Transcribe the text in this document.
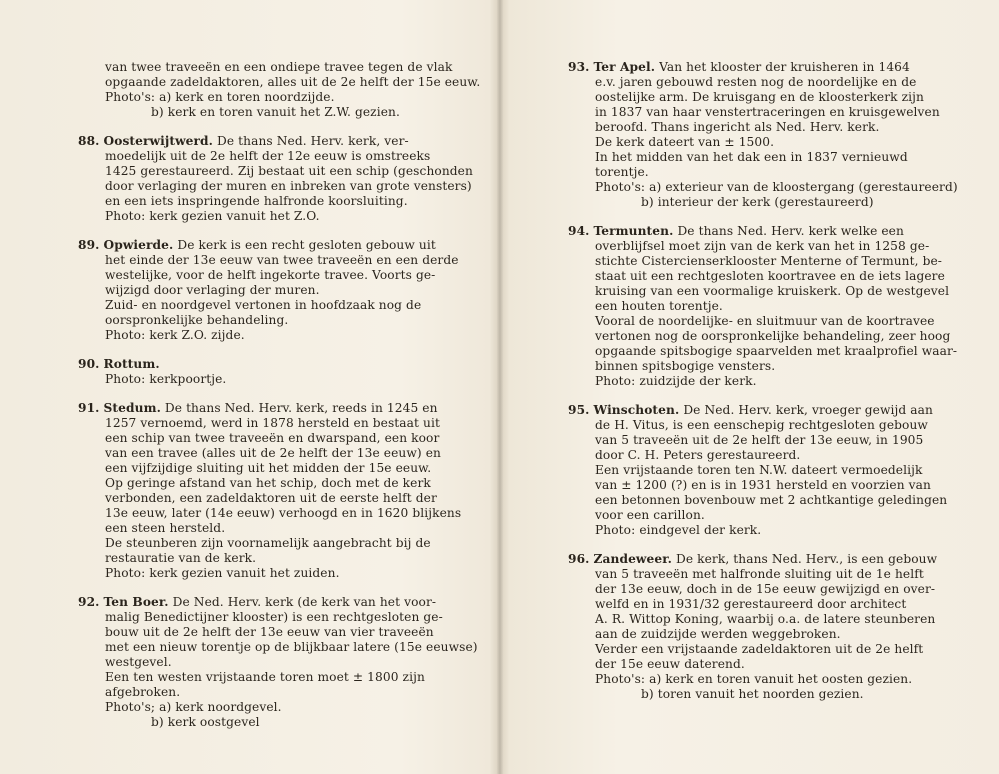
van twee traveeën en een ondiepe travee tegen de vlak
opgaande zadeldaktoren, alles uit de 2e helft der 15e eeuw.
Photo's: a) kerk en toren noordzijde.
b) kerk en toren vanuit het Z.W. gezien.
88. Oosterwijtwerd. De thans Ned. Herv. kerk, ver-
moedelijk uit de 2e helft der 12e eeuw is omstreeks
1425 gerestaureerd. Zij bestaat uit een schip (geschonden
door verlaging der muren en inbreken van grote vensters)
en een iets inspringende halfronde koorsluiting.
Photo: kerk gezien vanuit het Z.O.
89. Opwierde. De kerk is een recht gesloten gebouw uit
het einde der 13e eeuw van twee traveeën en een derde
westelijke, voor de helft ingekorte travee. Voorts ge-
wijzigd door verlaging der muren.
Zuid- en noordgevel vertonen in hoofdzaak nog de
oorspronkelijke behandeling.
Photo: kerk Z.O. zijde.
90. Rottum.
Photo: kerkpoortje.
91. Stedum. De thans Ned. Herv. kerk, reeds in 1245 en
1257 vernoemd, werd in 1878 hersteld en bestaat uit
een schip van twee traveeën en dwarspand, een koor
van een travee (alles uit de 2e helft der 13e eeuw) en
een vijfzijdige sluiting uit het midden der 15e eeuw.
Op geringe afstand van het schip, doch met de kerk
verbonden, een zadeldaktoren uit de eerste helft der
13e eeuw, later (14e eeuw) verhoogd en in 1620 blijkens
een steen hersteld.
De steunberen zijn voornamelijk aangebracht bij de
restauratie van de kerk.
Photo: kerk gezien vanuit het zuiden.
92. Ten Boer. De Ned. Herv. kerk (de kerk van het voor-
malig Benedictijner klooster) is een rechtgesloten ge-
bouw uit de 2e helft der 13e eeuw van vier traveeën
met een nieuw torentje op de blijkbaar latere (15e eeuwse)
westgevel.
Een ten westen vrijstaande toren moet ± 1800 zijn
afgebroken.
Photo's; a) kerk noordgevel.
b) kerk oostgevel
93. Ter Apel. Van het klooster der kruisheren in 1464
e.v. jaren gebouwd resten nog de noordelijke en de
oostelijke arm. De kruisgang en de kloosterkerk zijn
in 1837 van haar venstertraceringen en kruisgewelven
beroofd. Thans ingericht als Ned. Herv. kerk.
De kerk dateert van ± 1500.
In het midden van het dak een in 1837 vernieuwd
torentje.
Photo's: a) exterieur van de kloostergang (gerestaureerd)
b) interieur der kerk (gerestaureerd)
94. Termunten. De thans Ned. Herv. kerk welke een
overblijfsel moet zijn van de kerk van het in 1258 ge-
stichte Cistercienserklooster Menterne of Termunt, be-
staat uit een rechtgesloten koortravee en de iets lagere
kruising van een voormalige kruiskerk. Op de westgevel
een houten torentje.
Vooral de noordelijke- en sluitmuur van de koortravee
vertonen nog de oorspronkelijke behandeling, zeer hoog
opgaande spitsbogige spaarvelden met kraalprofiel waar-
binnen spitsbogige vensters.
Photo: zuidzijde der kerk.
95. Winschoten. De Ned. Herv. kerk, vroeger gewijd aan
de H. Vitus, is een eenschepig rechtgesloten gebouw
van 5 traveeën uit de 2e helft der 13e eeuw, in 1905
door C. H. Peters gerestaureerd.
Een vrijstaande toren ten N.W. dateert vermoedelijk
van ± 1200 (?) en is in 1931 hersteld en voorzien van
een betonnen bovenbouw met 2 achtkantige geledingen
voor een carillon.
Photo: eindgevel der kerk.
96. Zandeweer. De kerk, thans Ned. Herv., is een gebouw
van 5 traveeën met halfronde sluiting uit de 1e helft
der 13e eeuw, doch in de 15e eeuw gewijzigd en over-
welfd en in 1931/32 gerestaureerd door architect
A. R. Wittop Koning, waarbij o.a. de latere steunberen
aan de zuidzijde werden weggebroken.
Verder een vrijstaande zadeldaktoren uit de 2e helft
der 15e eeuw daterend.
Photo's: a) kerk en toren vanuit het oosten gezien.
b) toren vanuit het noorden gezien.
